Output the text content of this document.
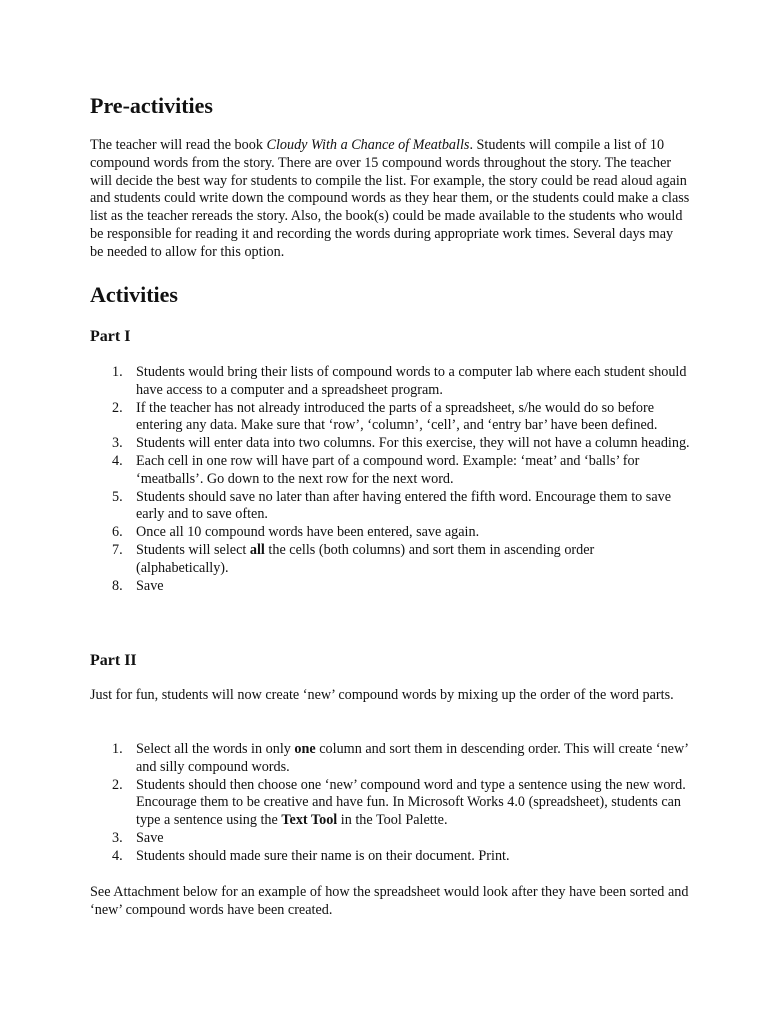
Pre-activities

The teacher will read the book Cloudy With a Chance of Meatballs. Students will compile a list of 10 compound words from the story. There are over 15 compound words throughout the story. The teacher will decide the best way for students to compile the list. For example, the story could be read aloud again and students could write down the compound words as they hear them, or the students could make a class list as the teacher rereads the story. Also, the book(s) could be made available to the students who would be responsible for reading it and recording the words during appropriate work times. Several days may be needed to allow for this option.

Activities
Part I
1. Students would bring their lists of compound words to a computer lab where each student should have access to a computer and a spreadsheet program.
2. If the teacher has not already introduced the parts of a spreadsheet, s/he would do so before entering any data. Make sure that ‘row’, ‘column’, ‘cell’, and ‘entry bar’ have been defined.
3. Students will enter data into two columns. For this exercise, they will not have a column heading.
4. Each cell in one row will have part of a compound word. Example: ‘meat’ and ‘balls’ for ‘meatballs’. Go down to the next row for the next word.
5. Students should save no later than after having entered the fifth word. Encourage them to save early and to save often.
6. Once all 10 compound words have been entered, save again.
7. Students will select all the cells (both columns) and sort them in ascending order (alphabetically).
8. Save
Part II

Just for fun, students will now create ‘new’ compound words by mixing up the order of the word parts.

1. Select all the words in only one column and sort them in descending order. This will create ‘new’ and silly compound words.
2. Students should then choose one ‘new’ compound word and type a sentence using the new word. Encourage them to be creative and have fun. In Microsoft Works 4.0 (spreadsheet), students can type a sentence using the Text Tool in the Tool Palette.
3. Save
4. Students should made sure their name is on their document. Print.

See Attachment below for an example of how the spreadsheet would look after they have been sorted and ‘new’ compound words have been created.
